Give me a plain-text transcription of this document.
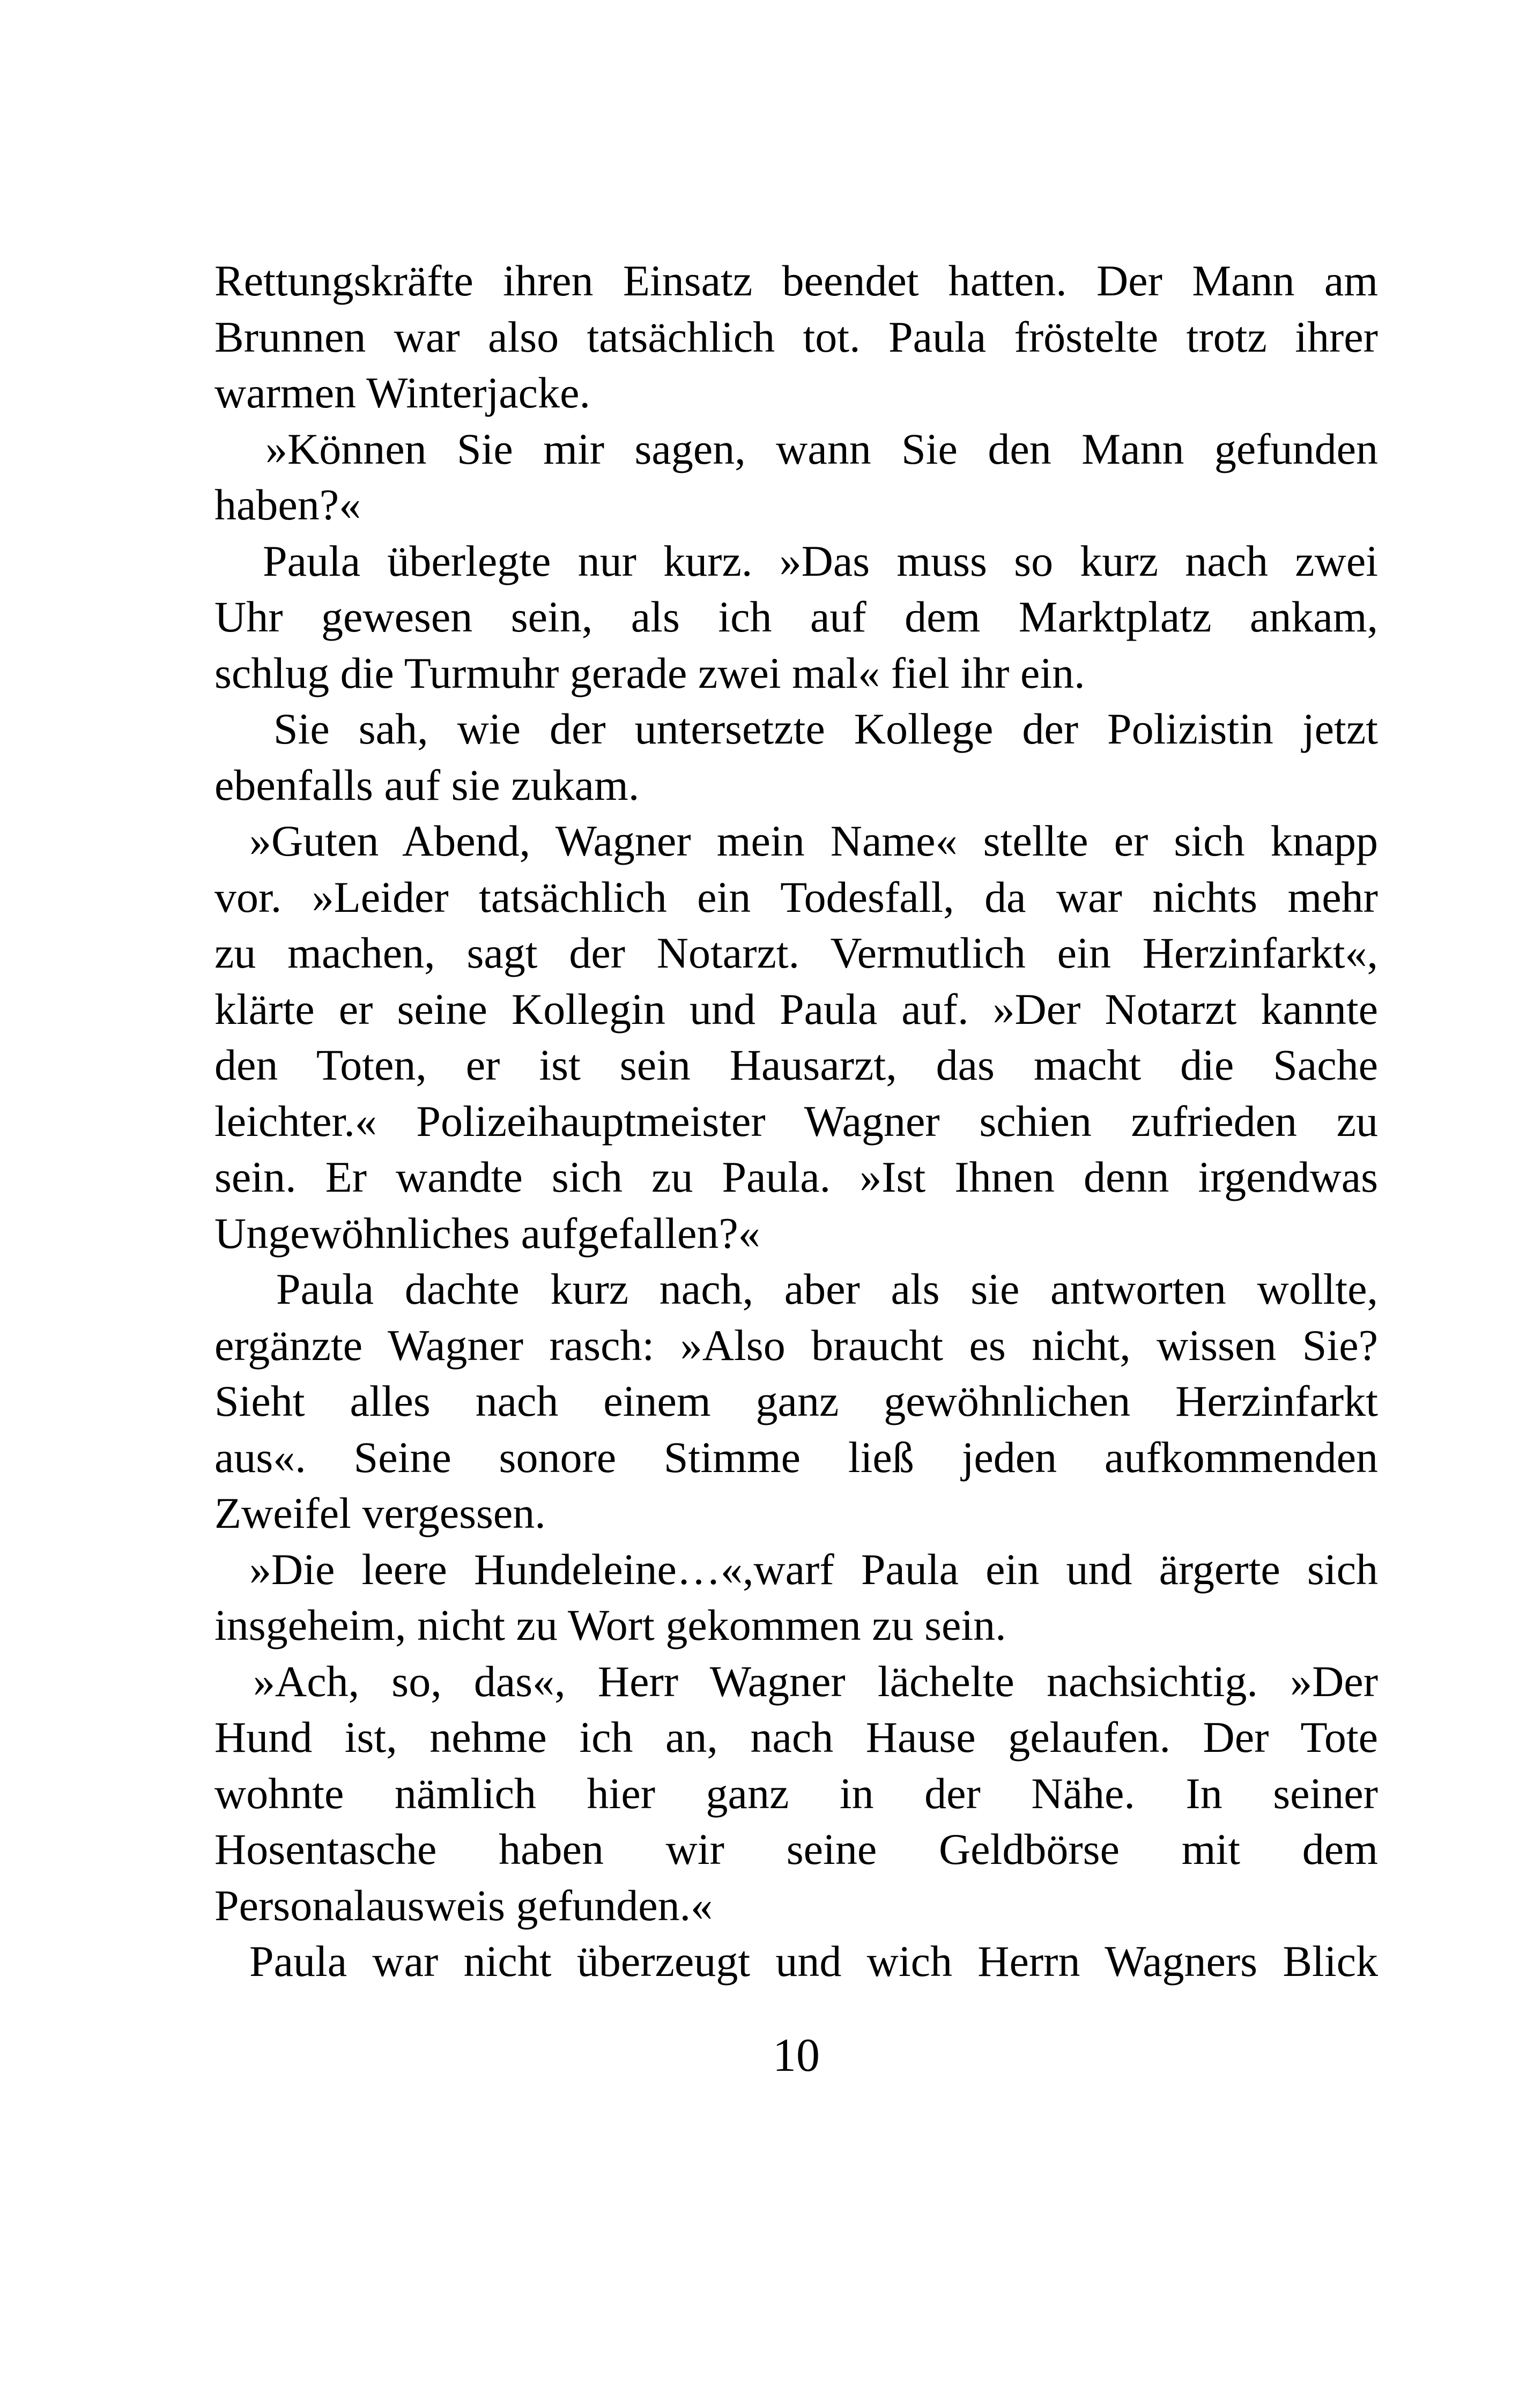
Rettungskräfte ihren Einsatz beendet hatten. Der Mann am
Brunnen war also tatsächlich tot. Paula fröstelte trotz ihrer
warmen Winterjacke.
»Können Sie mir sagen, wann Sie den Mann gefunden
haben?«
Paula überlegte nur kurz. »Das muss so kurz nach zwei
Uhr gewesen sein, als ich auf dem Marktplatz ankam,
schlug die Turmuhr gerade zwei mal« fiel ihr ein.
Sie sah, wie der untersetzte Kollege der Polizistin jetzt
ebenfalls auf sie zukam.
»Guten Abend, Wagner mein Name« stellte er sich knapp
vor. »Leider tatsächlich ein Todesfall, da war nichts mehr
zu machen, sagt der Notarzt. Vermutlich ein Herzinfarkt«,
klärte er seine Kollegin und Paula auf. »Der Notarzt kannte
den Toten, er ist sein Hausarzt, das macht die Sache
leichter.« Polizeihauptmeister Wagner schien zufrieden zu
sein. Er wandte sich zu Paula. »Ist Ihnen denn irgendwas
Ungewöhnliches aufgefallen?«
Paula dachte kurz nach, aber als sie antworten wollte,
ergänzte Wagner rasch: »Also braucht es nicht, wissen Sie?
Sieht alles nach einem ganz gewöhnlichen Herzinfarkt
aus«. Seine sonore Stimme ließ jeden aufkommenden
Zweifel vergessen.
»Die leere Hundeleine…«,warf Paula ein und ärgerte sich
insgeheim, nicht zu Wort gekommen zu sein.
»Ach, so, das«, Herr Wagner lächelte nachsichtig. »Der
Hund ist, nehme ich an, nach Hause gelaufen. Der Tote
wohnte nämlich hier ganz in der Nähe. In seiner
Hosentasche haben wir seine Geldbörse mit dem
Personalausweis gefunden.«
Paula war nicht überzeugt und wich Herrn Wagners Blick
10
